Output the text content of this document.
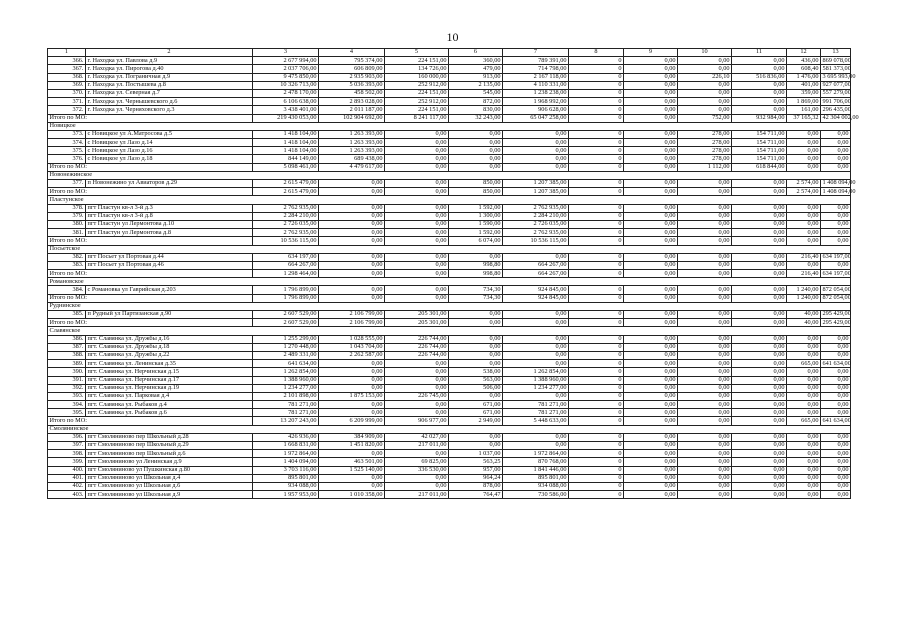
10
1	2	3	4	5	6	7	8	9	10	11	12	13
366.	г. Находка ул. Павлова д.9	2 677 994,00	795 374,00	224 151,00	360,00	789 391,00	0	0,00	0,00	0,00	436,00	869 078,00
367.	г. Находка ул. Пирогова д.40	2 037 706,00	606 809,00	134 726,00	479,00	714 798,00	0	0,00	0,00	0,00	608,40	581 373,00
368.	г. Находка ул. Пограничная д.9	9 475 850,00	2 935 903,00	160 000,00	913,00	2 167 118,00	0	0,00	226,10	516 836,00	1 476,00	3 695 993,00
369.	г. Находка ул. Постышева д.8	10 326 713,00	5 036 393,00	252 912,00	2 135,00	4 110 331,00	0	0,00	0,00	0,00	401,00	927 077,00
370.	г. Находка ул. Северная д.7	2 478 170,00	458 502,00	224 151,00	545,00	1 238 238,00	0	0,00	0,00	0,00	359,00	557 279,00
371.	г. Находка ул. Чернышевского д.6	6 106 638,00	2 893 028,00	252 912,00	872,00	1 968 992,00	0	0,00	0,00	0,00	1 869,00	991 706,00
372.	г. Находка ул. Черняховского д.3	3 438 401,00	2 011 187,00	224 151,00	830,00	906 628,00	0	0,00	0,00	0,00	161,00	296 435,00
Итого по МО:		219 430 053,00	102 904 692,00	8 241 117,00	32 243,00	65 047 258,00	0	0,00	752,00	932 984,00	37 165,32	42 304 002,00
Новицкое												
373.	с Новицкое ул А.Матросова д.5	1 418 104,00	1 263 393,00	0,00	0,00	0,00	0	0,00	278,00	154 711,00	0,00	0,00
374.	с Новицкое ул Лазо д.14	1 418 104,00	1 263 393,00	0,00	0,00	0,00	0	0,00	278,00	154 711,00	0,00	0,00
375.	с Новицкое ул Лазо д.16	1 418 104,00	1 263 393,00	0,00	0,00	0,00	0	0,00	278,00	154 711,00	0,00	0,00
376.	с Новицкое ул Лазо д.18	844 149,00	689 438,00	0,00	0,00	0,00	0	0,00	278,00	154 711,00	0,00	0,00
Итого по МО:		5 098 461,00	4 479 617,00	0,00	0,00	0,00	0	0,00	1 112,00	618 844,00	0,00	0,00
Новонежинское												
377.	п Новонежино ул Авиаторов д.29	2 615 479,00	0,00	0,00	850,00	1 207 385,00	0	0,00	0,00	0,00	2 574,00	1 408 094,00
Итого по МО:		2 615 479,00	0,00	0,00	850,00	1 207 385,00	0	0,00	0,00	0,00	2 574,00	1 408 094,00
Пластунское												
378.	пгт Пластун кв-л 3-й д.3	2 762 935,00	0,00	0,00	1 592,00	2 762 935,00	0	0,00	0,00	0,00	0,00	0,00
379.	пгт Пластун кв-л 3-й д.8	2 284 210,00	0,00	0,00	1 300,00	2 284 210,00	0	0,00	0,00	0,00	0,00	0,00
380.	пгт Пластун ул Лермонтова д.10	2 726 035,00	0,00	0,00	1 590,00	2 726 035,00	0	0,00	0,00	0,00	0,00	0,00
381.	пгт Пластун ул Лермонтова д.8	2 762 935,00	0,00	0,00	1 592,00	2 762 935,00	0	0,00	0,00	0,00	0,00	0,00
Итого по МО:		10 536 115,00	0,00	0,00	6 074,00	10 536 115,00	0	0,00	0,00	0,00	0,00	0,00
Посьетское												
382.	пгт Посьет ул Портовая д.44	634 197,00	0,00	0,00	0,00	0,00	0	0,00	0,00	0,00	216,40	634 197,00
383.	пгт Посьет ул Портовая д.46	664 267,00	0,00	0,00	998,80	664 267,00	0	0,00	0,00	0,00	0,00	0,00
Итого по МО:		1 298 464,00	0,00	0,00	998,80	664 267,00	0	0,00	0,00	0,00	216,40	634 197,00
Романовское												
384.	с Романовка ул Гаврийская д.203	1 796 899,00	0,00	0,00	734,30	924 845,00	0	0,00	0,00	0,00	1 240,00	872 054,00
Итого по МО:		1 796 899,00	0,00	0,00	734,30	924 845,00	0	0,00	0,00	0,00	1 240,00	872 054,00
Руднинское												
385.	п Рудный ул Партизанская д.90	2 607 529,00	2 106 799,00	205 301,00	0,00	0,00	0	0,00	0,00	0,00	40,00	295 429,00
Итого по МО:		2 607 529,00	2 106 799,00	205 301,00	0,00	0,00	0	0,00	0,00	0,00	40,00	295 429,00
Славянское												
386.	пгт. Славянка ул. Дружбы д.16	1 255 299,00	1 028 555,00	226 744,00	0,00	0,00	0	0,00	0,00	0,00	0,00	0,00
387.	пгт. Славянка ул. Дружбы д.18	1 270 448,00	1 043 704,00	226 744,00	0,00	0,00	0	0,00	0,00	0,00	0,00	0,00
388.	пгт. Славянка ул. Дружбы д.22	2 489 331,00	2 262 587,00	226 744,00	0,00	0,00	0	0,00	0,00	0,00	0,00	0,00
389.	пгт. Славянка ул. Ленинская д.35	641 634,00	0,00	0,00	0,00	0,00	0	0,00	0,00	0,00	665,00	641 634,00
390.	пгт. Славянка ул. Нерчинская д.15	1 262 854,00	0,00	0,00	538,00	1 262 854,00	0	0,00	0,00	0,00	0,00	0,00
391.	пгт. Славянка ул. Нерчинская д.17	1 388 960,00	0,00	0,00	563,00	1 388 960,00	0	0,00	0,00	0,00	0,00	0,00
392.	пгт. Славянка ул. Нерчинская д.19	1 234 277,00	0,00	0,00	506,00	1 234 277,00	0	0,00	0,00	0,00	0,00	0,00
393.	пгт. Славянка ул. Парковая д.4	2 101 898,00	1 875 153,00	226 745,00	0,00	0,00	0	0,00	0,00	0,00	0,00	0,00
394.	пгт. Славянка ул. Рыбаков д.4	781 271,00	0,00	0,00	671,00	781 271,00	0	0,00	0,00	0,00	0,00	0,00
395.	пгт. Славянка ул. Рыбаков д.6	781 271,00	0,00	0,00	671,00	781 271,00	0	0,00	0,00	0,00	0,00	0,00
Итого по МО:		13 207 243,00	6 209 999,00	906 977,00	2 949,00	5 448 633,00	0	0,00	0,00	0,00	665,00	641 634,00
Смолянинское												
396.	пгт Смоляниново пер Школьный д.28	426 936,00	384 909,00	42 027,00	0,00	0,00	0	0,00	0,00	0,00	0,00	0,00
397.	пгт Смоляниново пер Школьный д.29	1 668 831,00	1 451 820,00	217 011,00	0,00	0,00	0	0,00	0,00	0,00	0,00	0,00
398.	пгт Смоляниново пер Школьный д.6	1 972 864,00	0,00	0,00	1 037,00	1 972 864,00	0	0,00	0,00	0,00	0,00	0,00
399.	пгт Смоляниново ул Ленинская д.9	1 404 094,00	463 501,00	69 825,00	563,25	870 768,00	0	0,00	0,00	0,00	0,00	0,00
400.	пгт Смоляниново ул Пушкинская д.80	3 703 116,00	1 525 140,00	336 530,00	957,00	1 841 446,00	0	0,00	0,00	0,00	0,00	0,00
401.	пгт Смоляниново ул Школьная д.4	895 801,00	0,00	0,00	964,24	895 801,00	0	0,00	0,00	0,00	0,00	0,00
402.	пгт Смоляниново ул Школьная д.6	934 088,00	0,00	0,00	878,00	934 088,00	0	0,00	0,00	0,00	0,00	0,00
403.	пгт Смоляниново ул Школьная д.9	1 957 953,00	1 010 358,00	217 011,00	764,47	730 586,00	0	0,00	0,00	0,00	0,00	0,00
